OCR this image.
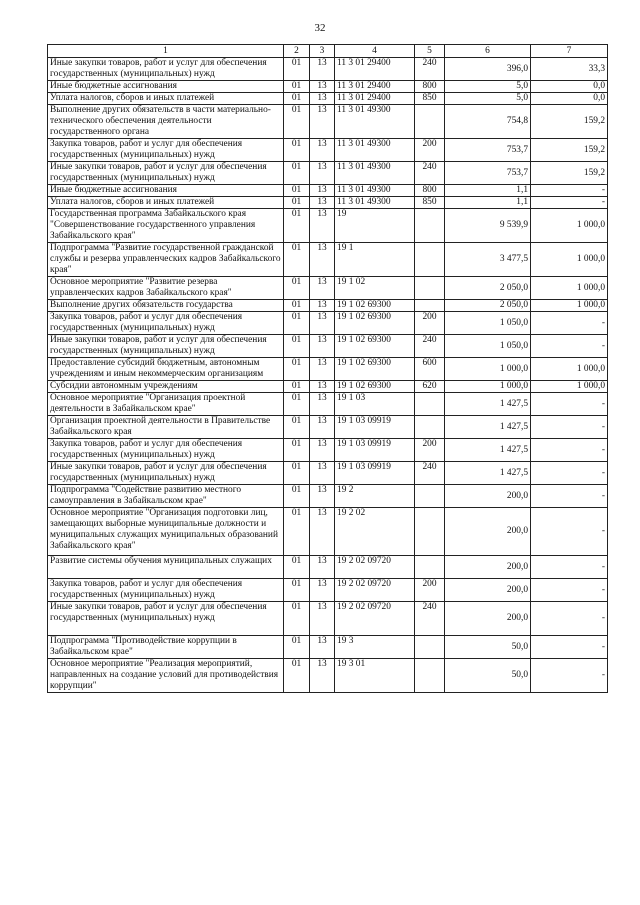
32
1	2	3	4	5	6	7
Иные закупки товаров, работ и услуг для обеспечения государственных (муниципальных) нужд	01	13	11 3 01 29400	240	396,0	33,3
Иные бюджетные ассигнования	01	13	11 3 01 29400	800	5,0	0,0
Уплата налогов, сборов и иных платежей	01	13	11 3 01 29400	850	5,0	0,0
Выполнение других обязательств в части материально-технического обеспечения деятельности государственного органа	01	13	11 3 01 49300		754,8	159,2
Закупка товаров, работ и услуг для обеспечения государственных (муниципальных) нужд	01	13	11 3 01 49300	200	753,7	159,2
Иные закупки товаров, работ и услуг для обеспечения государственных (муниципальных) нужд	01	13	11 3 01 49300	240	753,7	159,2
Иные бюджетные ассигнования	01	13	11 3 01 49300	800	1,1	-
Уплата налогов, сборов и иных платежей	01	13	11 3 01 49300	850	1,1	-
Государственная программа Забайкальского края "Совершенствование государственного управления Забайкальского края"	01	13	19		9 539,9	1 000,0
Подпрограмма "Развитие государственной гражданской службы и резерва управленческих кадров Забайкальского края"	01	13	19 1		3 477,5	1 000,0
Основное мероприятие "Развитие резерва управленческих кадров Забайкальского края"	01	13	19 1 02		2 050,0	1 000,0
Выполнение других обязательств государства	01	13	19 1 02 69300		2 050,0	1 000,0
Закупка товаров, работ и услуг для обеспечения государственных (муниципальных) нужд	01	13	19 1 02 69300	200	1 050,0	-
Иные закупки товаров, работ и услуг для обеспечения государственных (муниципальных) нужд	01	13	19 1 02 69300	240	1 050,0	-
Предоставление субсидий бюджетным, автономным учреждениям и иным некоммерческим организациям	01	13	19 1 02 69300	600	1 000,0	1 000,0
Субсидии автономным учреждениям	01	13	19 1 02 69300	620	1 000,0	1 000,0
Основное мероприятие "Организация проектной деятельности в Забайкальском крае"	01	13	19 1 03		1 427,5	-
Организация проектной деятельности в Правительстве Забайкальского края	01	13	19 1 03 09919		1 427,5	-
Закупка товаров, работ и услуг для обеспечения государственных (муниципальных) нужд	01	13	19 1 03 09919	200	1 427,5	-
Иные закупки товаров, работ и услуг для обеспечения государственных (муниципальных) нужд	01	13	19 1 03 09919	240	1 427,5	-
Подпрограмма "Содействие развитию местного самоуправления в Забайкальском крае"	01	13	19 2		200,0	-
Основное мероприятие "Организация подготовки лиц, замещающих выборные муниципальные должности и муниципальных служащих муниципальных образований Забайкальского края"	01	13	19 2 02		200,0	-
Развитие системы обучения муниципальных служащих	01	13	19 2 02 09720		200,0	-
Закупка товаров, работ и услуг для обеспечения государственных (муниципальных) нужд	01	13	19 2 02 09720	200	200,0	-
Иные закупки товаров, работ и услуг для обеспечения государственных (муниципальных) нужд	01	13	19 2 02 09720	240	200,0	-
Подпрограмма "Противодействие коррупции в Забайкальском крае"	01	13	19 3		50,0	-
Основное мероприятие "Реализация мероприятий, направленных на создание условий для противодействия коррупции"	01	13	19 3 01		50,0	-
